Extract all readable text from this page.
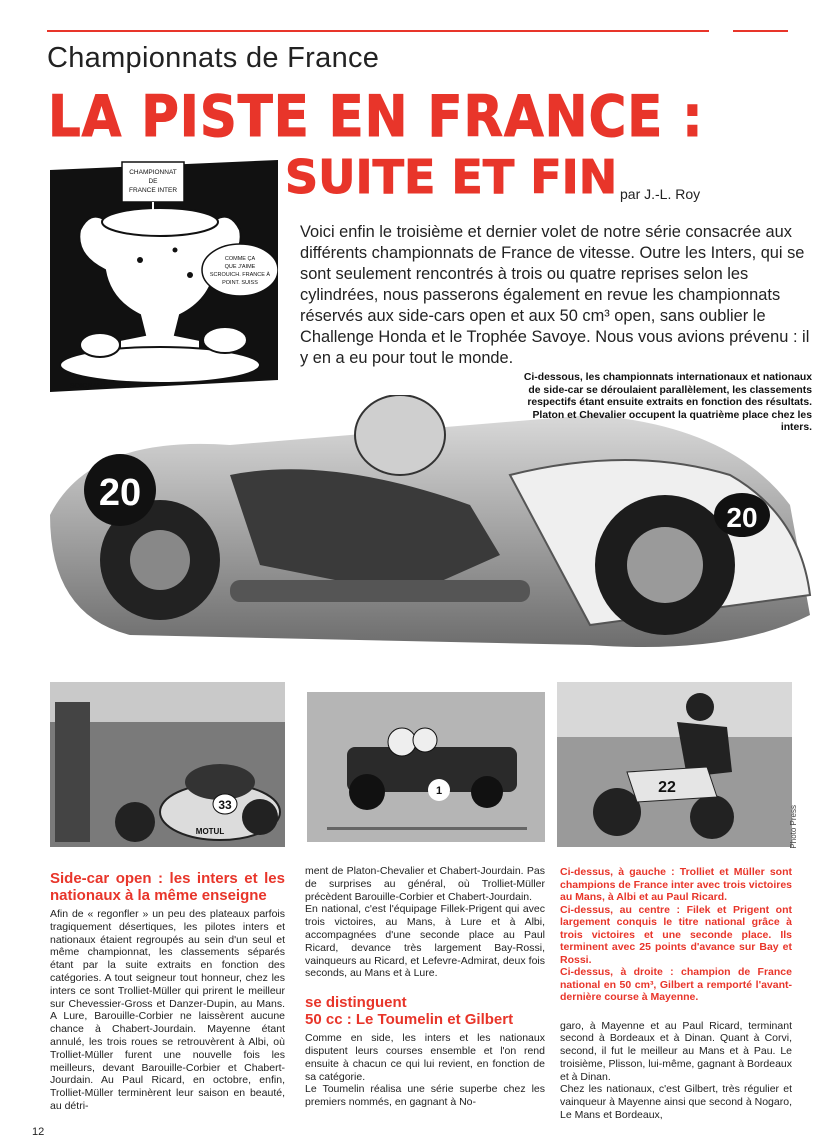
Championnats de France
LA PISTE EN FRANCE :
SUITE ET FIN par J.-L. Roy
CHAMPIONNAT
DE
FRANCE INTER
COMME ÇA
QUE J'AIME
SCROUICH. FRANCE À
POINT. SUISS
SOIGNANT
Voici enfin le troisième et dernier volet de notre série consacrée aux différents championnats de France de vitesse. Outre les Inters, qui se sont seulement rencontrés à trois ou quatre reprises selon les cylindrées, nous passerons également en revue les championnats réservés aux side-cars open et aux 50 cm³ open, sans oublier le Challenge Honda et le Trophée Savoye. Nous vous avions prévenu : il y en a eu pour tout le monde.
20
20
Ci-dessous, les championnats internationaux et nationaux de side-car se déroulaient parallèlement, les classements respectifs étant ensuite extraits en fonction des résultats. Platon et Chevalier occupent la quatrième place chez les inters.
33
MOTUL
1	22
Photo Press
Side-car open : les inters et les nationaux à la même enseigne

Afin de « regonfler » un peu des plateaux parfois tragiquement désertiques, les pilotes inters et nationaux étaient regroupés au sein d'un seul et même championnat, les classements séparés étant par la suite extraits en fonction des catégories. A tout seigneur tout honneur, chez les inters ce sont Trolliet-Müller qui prirent le meilleur sur Chevessier-Gross et Danzer-Dupin, au Mans. A Lure, Barouille-Corbier ne laissèrent aucune chance à Chabert-Jourdain. Mayenne étant annulé, les trois roues se retrouvèrent à Albi, où Trolliet-Müller furent une nouvelle fois les meilleurs, devant Barouille-Corbier et Chabert-Jourdain. Au Paul Ricard, en octobre, enfin, Trolliet-Müller terminèrent leur saison en beauté, au détri-

ment de Platon-Chevalier et Chabert-Jourdain. Pas de surprises au général, où Trolliet-Müller précèdent Barouille-Corbier et Chabert-Jourdain.

En national, c'est l'équipage Fillek-Prigent qui avec trois victoires, au Mans, à Lure et à Albi, accompagnées d'une seconde place au Paul Ricard, devance très largement Bay-Rossi, vainqueurs au Ricard, et Lefevre-Admirat, deux fois seconds, au Mans et à Lure.

se distinguent
50 cc : Le Toumelin et Gilbert

Comme en side, les inters et les nationaux disputent leurs courses ensemble et l'on rend ensuite à chacun ce qui lui revient, en fonction de sa catégorie.

Le Toumelin réalisa une série superbe chez les premiers nommés, en gagnant à No-

Ci-dessus, à gauche : Trolliet et Müller sont champions de France inter avec trois victoires au Mans, à Albi et au Paul Ricard.
Ci-dessus, au centre : Filek et Prigent ont largement conquis le titre national grâce à trois victoires et une seconde place. Ils terminent avec 25 points d'avance sur Bay et Rossi.
Ci-dessus, à droite : champion de France national en 50 cm³, Gilbert a remporté l'avant-dernière course à Mayenne.

garo, à Mayenne et au Paul Ricard, terminant second à Bordeaux et à Dinan. Quant à Corvi, second, il fut le meilleur au Mans et à Pau. Le troisième, Plisson, lui-même, gagnant à Bordeaux et à Dinan.

Chez les nationaux, c'est Gilbert, très régulier et vainqueur à Mayenne ainsi que second à Nogaro, Le Mans et Bordeaux,

12
